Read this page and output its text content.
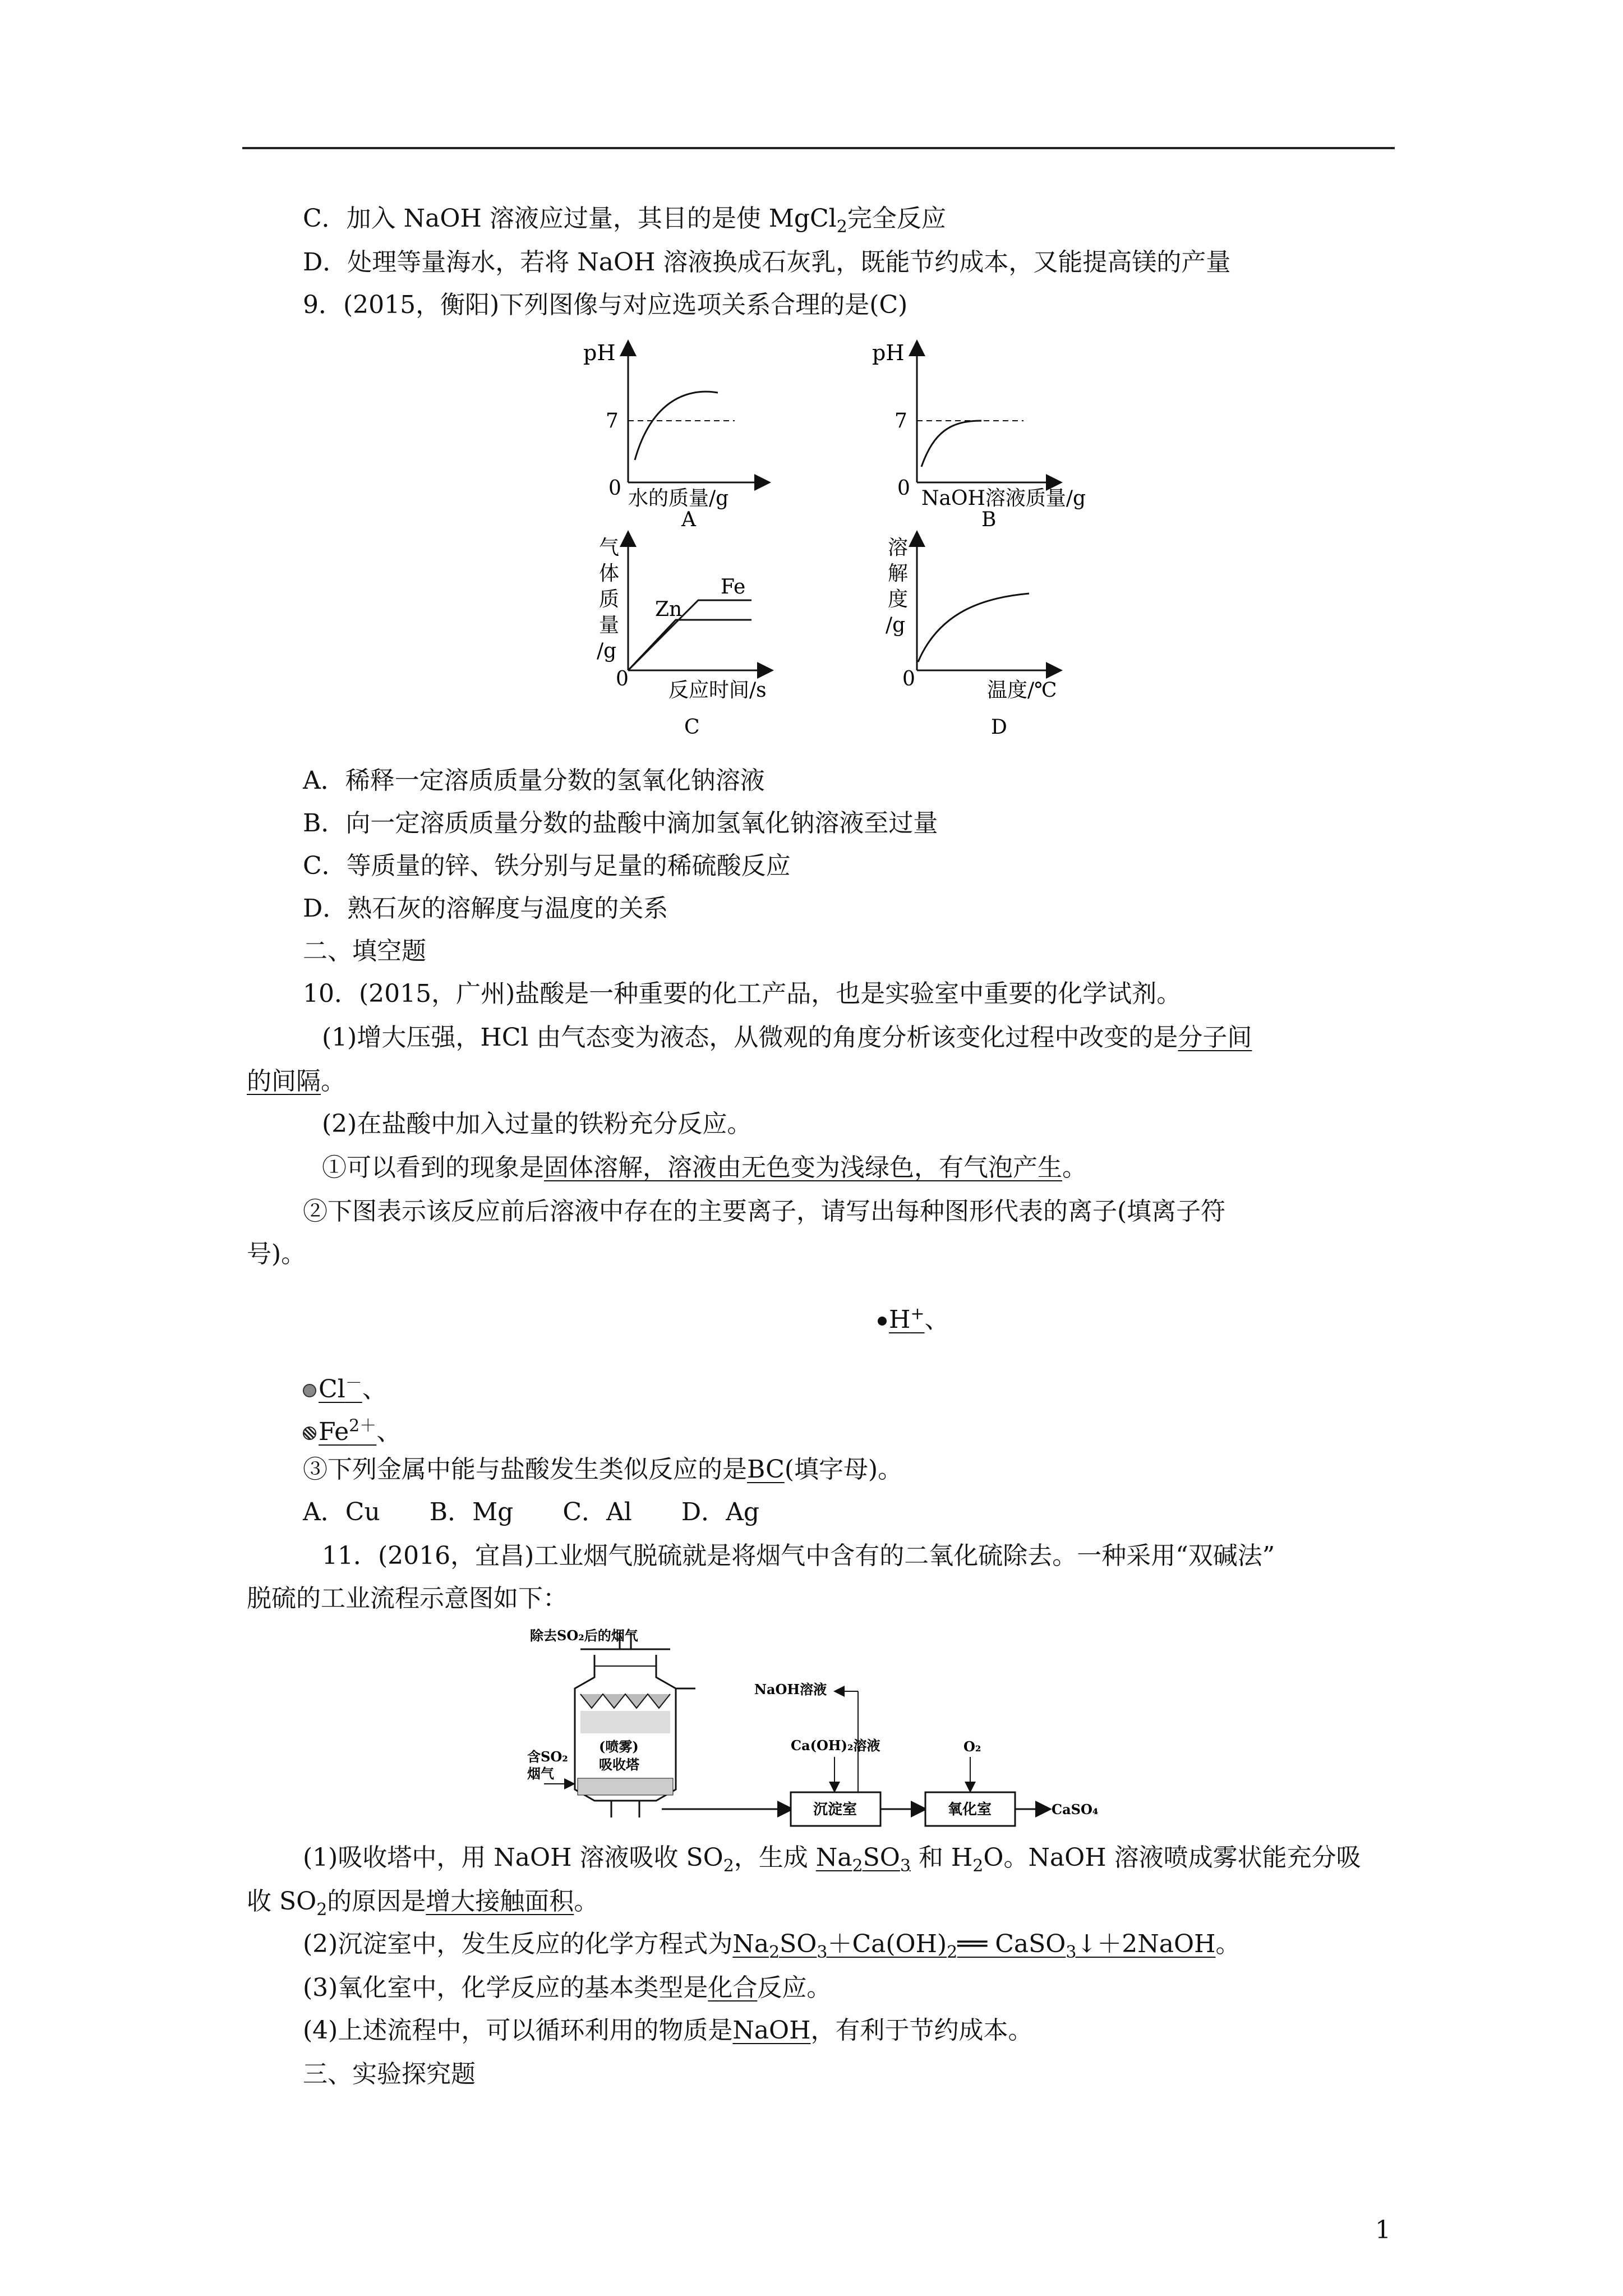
C．加入 NaOH 溶液应过量，其目的是使 MgCl$_2$完全反应
D．处理等量海水，若将 NaOH 溶液换成石灰乳，既能节约成本，又能提高镁的产量
9．(2015，衡阳)下列图像与对应选项关系合理的是(C)
pH
7
0 水的质量/g
A
pH
7
0 NaOH溶液质量/g
B
Zn
Fe
气
体
质
量
/g
0 反应时间/s
C
溶
解
度
/g
0	温度/℃
D
A．稀释一定溶质质量分数的氢氧化钠溶液
B．向一定溶质质量分数的盐酸中滴加氢氧化钠溶液至过量
C．等质量的锌、铁分别与足量的稀硫酸反应
D．熟石灰的溶解度与温度的关系
二、填空题
10．(2015，广州)盐酸是一种重要的化工产品，也是实验室中重要的化学试剂。
(1)增大压强，HCl 由气态变为液态，从微观的角度分析该变化过程中改变的是分子间
的间隔。
(2)在盐酸中加入过量的铁粉充分反应。
①可以看到的现象是固体溶解，溶液由无色变为浅绿色，有气泡产生。
②下图表示该反应前后溶液中存在的主要离子，请写出每种图形代表的离子(填离子符
号)。
H+、
Cl－、
$Fe^{2+}$、
③下列金属中能与盐酸发生类似反应的是BC(填字母)。
A．Cu　　B．Mg　　C．Al　　D．Ag
11．(2016，宜昌)工业烟气脱硫就是将烟气中含有的二氧化硫除去。一种采用“双碱法”
脱硫的工业流程示意图如下：
除去SO₂后的烟气
(喷雾)
吸收塔
含SO₂
烟气
沉淀室
Ca(OH)₂溶液
NaOH溶液
氧化室
O₂
CaSO₄
(1)吸收塔中，用 NaOH 溶液吸收 $SO_2$，生成 $Na_2SO_3$ 和 $H_2O$。NaOH 溶液喷成雾状能充分吸
收 $SO_2$的原因是增大接触面积。
(2)沉淀室中，发生反应的化学方程式为$Na_2SO_3+Ca(OH)_2══$ CaSO$_3$↓＋2NaOH。
(3)氧化室中，化学反应的基本类型是化合反应。
(4)上述流程中，可以循环利用的物质是NaOH，有利于节约成本。
三、实验探究题
1
